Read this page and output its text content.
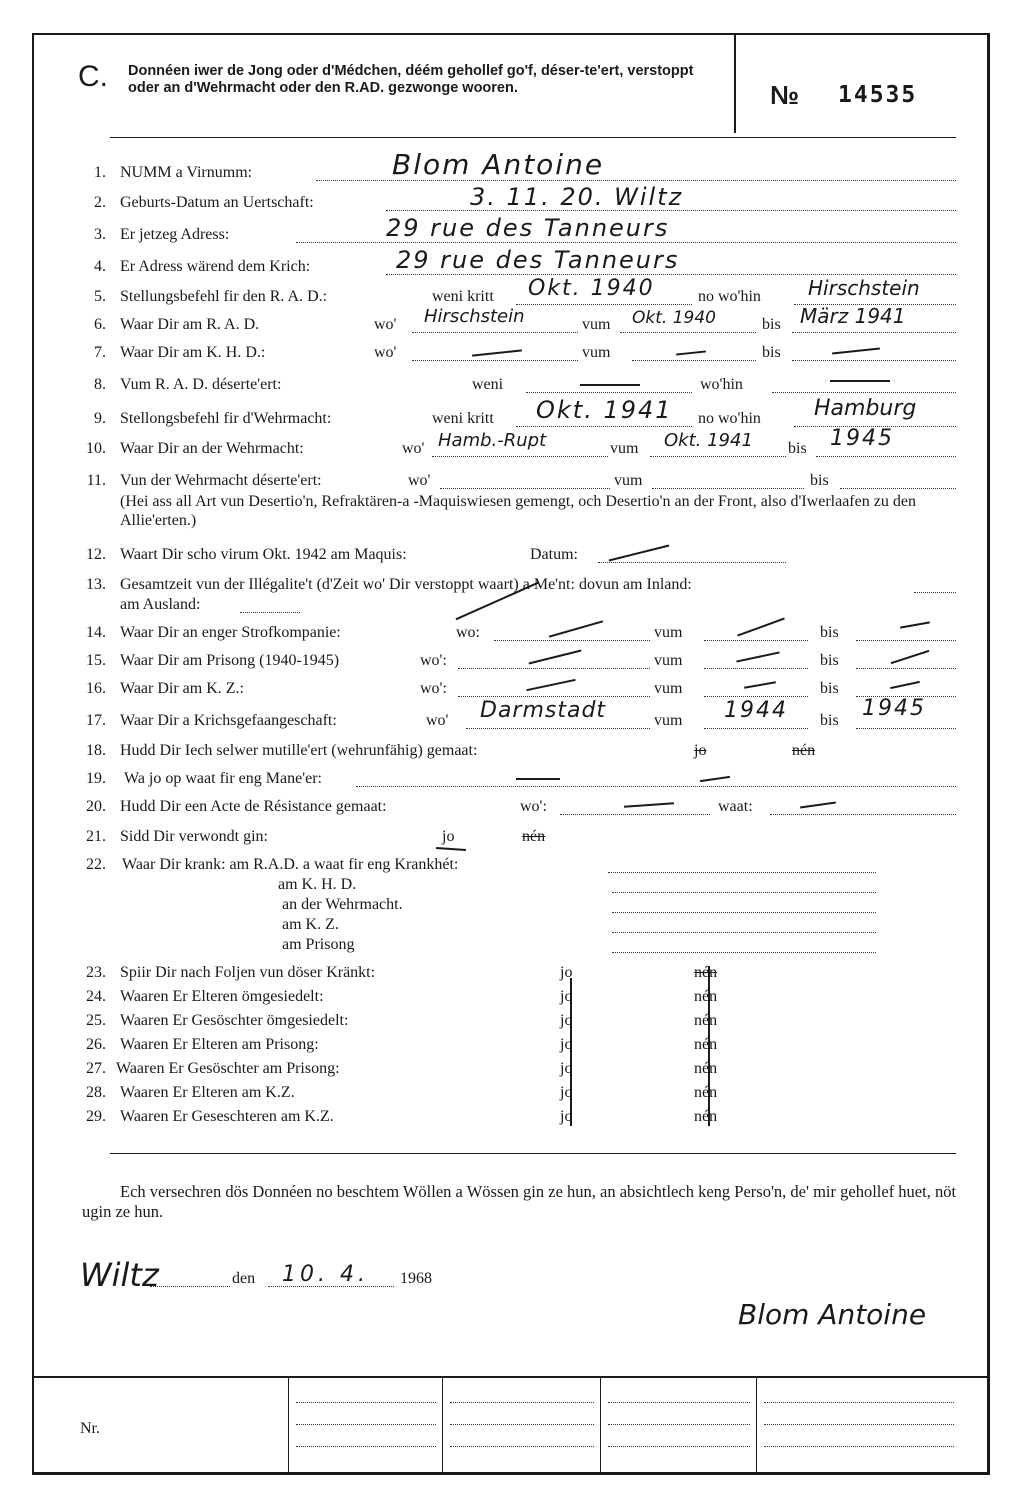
C. Donnéen iwer de Jong oder d'Médchen, déém gehollef go'f, déser-te'ert, verstoppt oder an d'Wehrmacht oder den R.AD. gezwonge wooren.	№ 14535
1. NUMM a Virnumm:	Blom Antoine
2. Geburts-Datum an Uertschaft:	3. 11. 20. Wiltz
3. Er jetzeg Adress:	29 rue des Tanneurs
4. Er Adress wärend dem Krich:	29 rue des Tanneurs
5. Stellungsbefehl fir den R. A. D.:	weni kritt Okt. 1940	no wo'hin Hirschstein
6. Waar Dir am R. A. D.	wo' Hirschstein	vum Okt. 1940	bis März 1941
7. Waar Dir am K. H. D.:	wo'	vum	bis
8. Vum R. A. D. déserte'ert:	weni	wo'hin
9. Stellongsbefehl fir d'Wehrmacht:	weni kritt Okt. 1941 no wo'hin Hamburg
10. Waar Dir an der Wehrmacht:	wo' Hamb.-Rupt	vum Okt. 1941 bis 1945
11. Vun der Wehrmacht déserte'ert:	wo'	vum	bis
(Hei ass all Art vun Desertio'n, Refraktären-a -Maquiswiesen gemengt, och Desertio'n an der Front, also d'Iwerlaafen zu den Allie'erten.)
12. Waart Dir scho virum Okt. 1942 am Maquis:	Datum:
13. Gesamtzeit vun der Illégalite't (d'Zeit wo' Dir verstoppt waart) a Me'nt: dovun am Inland:
am Ausland:
14. Waar Dir an enger Strofkompanie:	wo:	vum	bis
15. Waar Dir am Prisong (1940-1945)	wo':	vum	bis
16. Waar Dir am K. Z.:	wo':	vum	bis
17. Waar Dir a Krichsgefaangeschaft:	wo' Darmstadt	vum 1944 bis 1945
18. Hudd Dir Iech selwer mutille'ert (wehrunfähig) gemaat:	jo	nén
19. Wa jo op waat fir eng Mane'er:
20. Hudd Dir een Acte de Résistance gemaat:	wo':	waat:
21. Sidd Dir verwondt gin:	jo	nén
22. Waar Dir krank: am R.A.D. a waat fir eng Krankhét:
am K. H. D.
an der Wehrmacht.
am K. Z.
am Prisong
23. Spiir Dir nach Foljen vun döser Kränkt:	jo	nén
24. Waaren Er Elteren ömgesiedelt:	jo	nén
25. Waaren Er Gesöschter ömgesiedelt:	jo	nén
26. Waaren Er Elteren am Prisong:	jo	nén
27. Waaren Er Gesöschter am Prisong:	jo	nén
28. Waaren Er Elteren am K.Z.	jo	nén
29. Waaren Er Geseschteren am K.Z.	jo	nén
Ech versechren dös Donnéen no beschtem Wöllen a Wössen gin ze hun, an absichtlech keng Perso'n, de' mir gehollef huet, nöt ugin ze hun.
Wiltz	den 10. 4. 1968
Blom Antoine
Nr.
